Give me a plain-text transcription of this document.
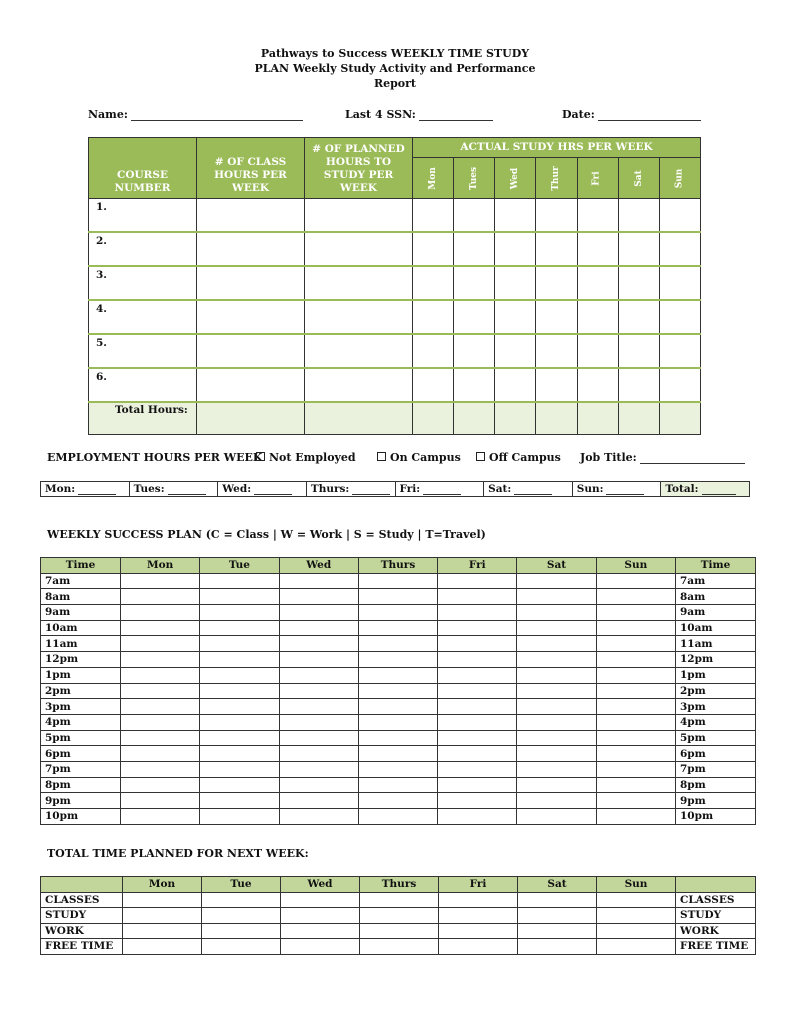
Pathways to Success WEEKLY TIME STUDY
PLAN Weekly Study Activity and Performance
Report
Name:	Last 4 SSN:	Date:
COURSE NUMBER	# OF CLASS HOURS PER WEEK	# OF PLANNED HOURS TO STUDY PER WEEK	ACTUAL STUDY HRS PER WEEK						
			Mon	Tues	Wed	Thur	Fri	Sat	Sun
1.									
2.									
3.									
4.									
5.									
6.									
Total Hours:									
EMPLOYMENT HOURS PER WEEK Not Employed	On Campus	Off Campus Job Title:
Mon:	Tues:	Wed:	Thurs:	Fri:	Sat:	Sun:	Total:
WEEKLY SUCCESS PLAN (C = Class | W = Work | S = Study | T=Travel)
Time	Mon	Tue	Wed	Thurs	Fri	Sat	Sun	Time
7am								7am
8am								8am
9am								9am
10am								10am
11am								11am
12pm								12pm
1pm								1pm
2pm								2pm
3pm								3pm
4pm								4pm
5pm								5pm
6pm								6pm
7pm								7pm
8pm								8pm
9pm								9pm
10pm								10pm
TOTAL TIME PLANNED FOR NEXT WEEK:
	Mon	Tue	Wed	Thurs	Fri	Sat	Sun	
CLASSES								CLASSES
STUDY								STUDY
WORK								WORK
FREE TIME								FREE TIME
